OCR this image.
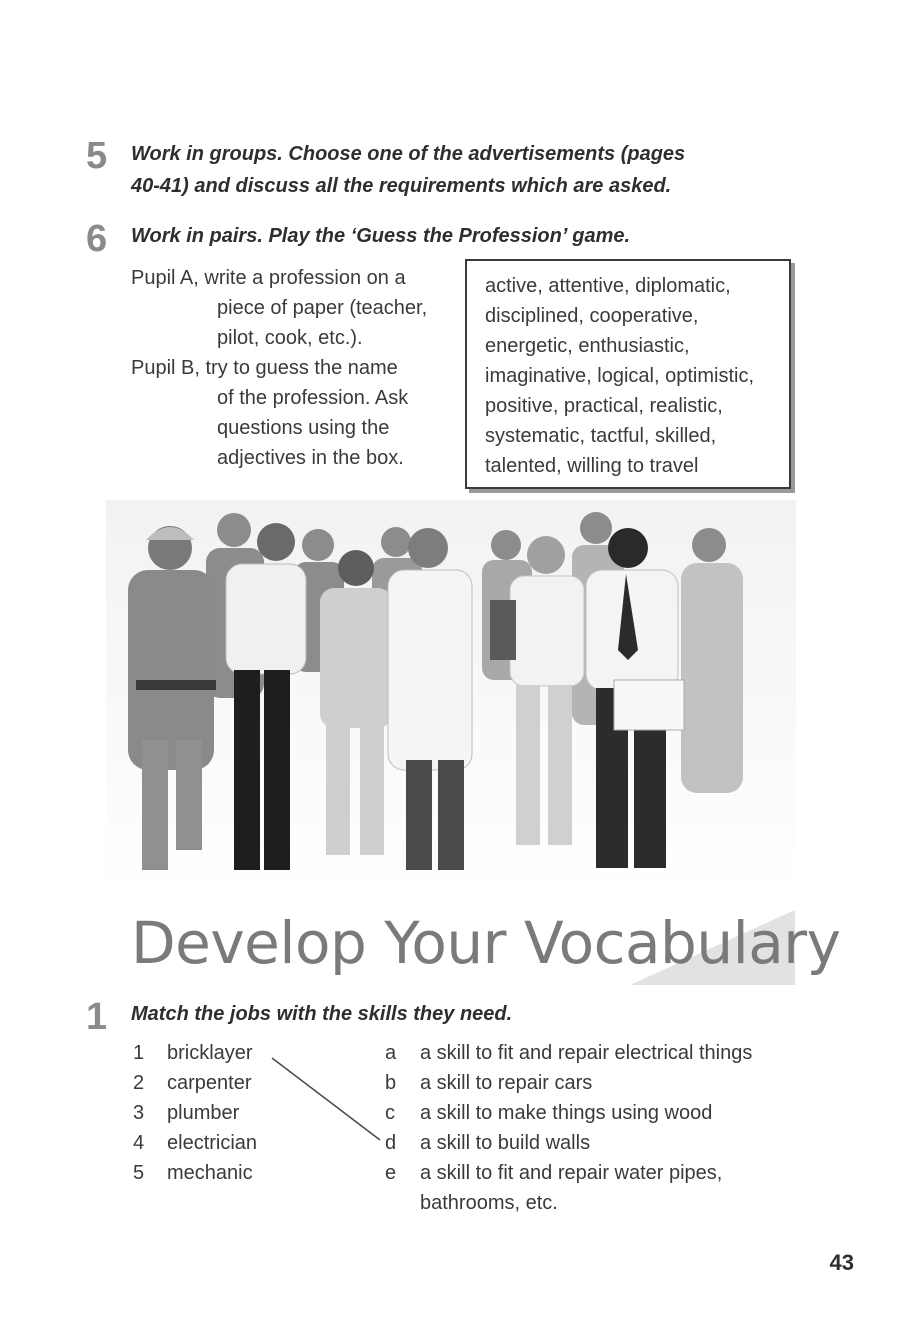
5 Work in groups. Choose one of the advertisements (pages
40-41) and discuss all the requirements which are asked.
6 Work in pairs. Play the ‘Guess the Profession’ game.
Pupil A, write a profession on a
piece of paper (teacher,
pilot, cook, etc.).
Pupil B, try to guess the name
of the profession. Ask
questions using the
adjectives in the box.
active, attentive, diplomatic,
disciplined, cooperative,
energetic, enthusiastic,
imaginative, logical, optimistic,
positive, practical, realistic,
systematic, tactful, skilled,
talented, willing to travel
Develop Your Vocabulary
1 Match the jobs with the skills they need.
1 bricklayer
2 carpenter
3 plumber
4 electrician
5 mechanic
a a skill to fit and repair electrical things
b a skill to repair cars
c a skill to make things using wood
d a skill to build walls
e a skill to fit and repair water pipes,
bathrooms, etc.
43
